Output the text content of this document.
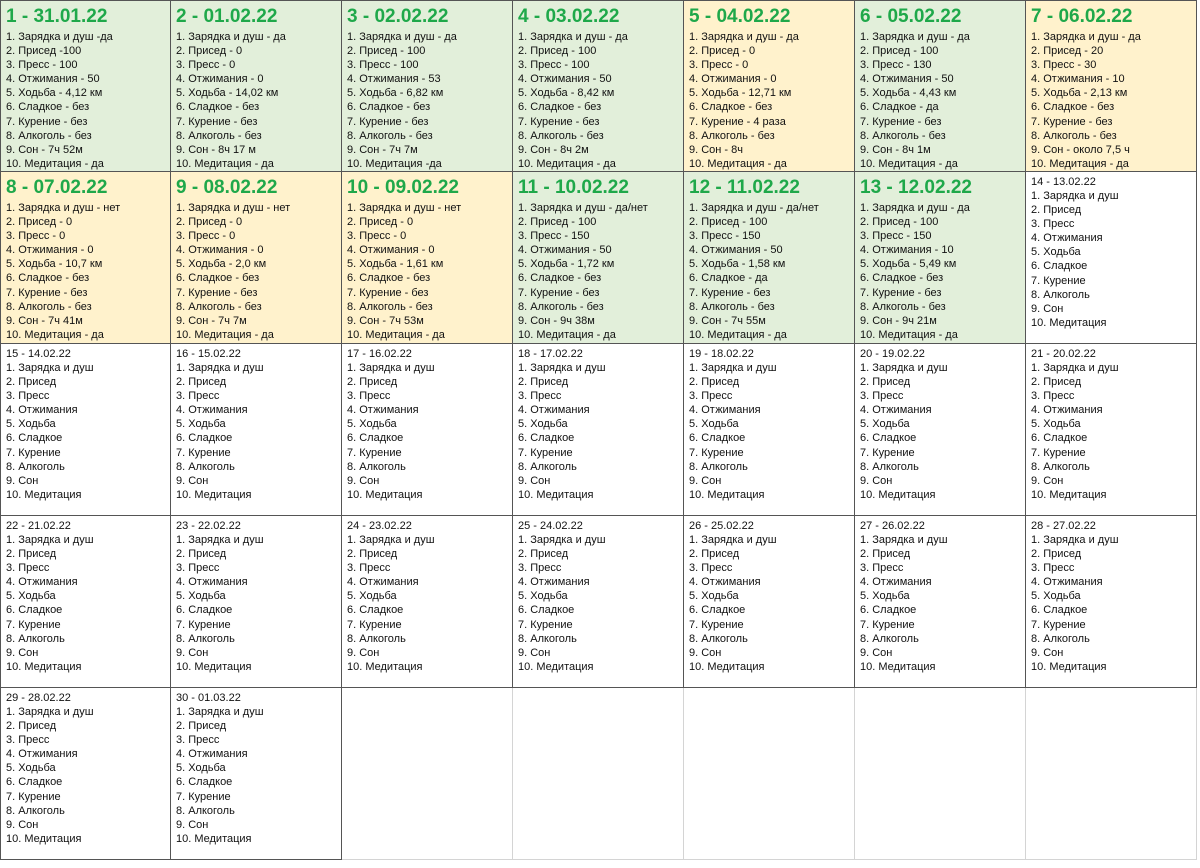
1 - 31.01.22
1. Зарядка и душ -да
2. Присед -100
3. Пресс - 100
4. Отжимания - 50
5. Ходьба - 4,12 км
6. Сладкое - без
7. Курение - без
8. Алкоголь - без
9. Сон - 7ч 52м
10. Медитация - да
2 - 01.02.22
1. Зарядка и душ - да
2. Присед - 0
3. Пресс - 0
4. Отжимания - 0
5. Ходьба - 14,02 км
6. Сладкое - без
7. Курение - без
8. Алкоголь - без
9. Сон - 8ч 17 м
10. Медитация - да
3 - 02.02.22
1. Зарядка и душ - да
2. Присед - 100
3. Пресс - 100
4. Отжимания - 53
5. Ходьба - 6,82 км
6. Сладкое - без
7. Курение - без
8. Алкоголь - без
9. Сон - 7ч 7м
10. Медитация -да
4 - 03.02.22
1. Зарядка и душ - да
2. Присед - 100
3. Пресс - 100
4. Отжимания - 50
5. Ходьба - 8,42 км
6. Сладкое - без
7. Курение - без
8. Алкоголь - без
9. Сон - 8ч 2м
10. Медитация - да
5 - 04.02.22
1. Зарядка и душ - да
2. Присед - 0
3. Пресс - 0
4. Отжимания - 0
5. Ходьба - 12,71 км
6. Сладкое - без
7. Курение - 4 раза
8. Алкоголь - без
9. Сон - 8ч
10. Медитация - да
6 - 05.02.22
1. Зарядка и душ - да
2. Присед - 100
3. Пресс - 130
4. Отжимания - 50
5. Ходьба - 4,43 км
6. Сладкое - да
7. Курение - без
8. Алкоголь - без
9. Сон - 8ч 1м
10. Медитация - да
7 - 06.02.22
1. Зарядка и душ - да
2. Присед - 20
3. Пресс - 30
4. Отжимания - 10
5. Ходьба - 2,13 км
6. Сладкое - без
7. Курение - без
8. Алкоголь - без
9. Сон - около 7,5 ч
10. Медитация - да
8 - 07.02.22
1. Зарядка и душ - нет
2. Присед - 0
3. Пресс - 0
4. Отжимания - 0
5. Ходьба - 10,7 км
6. Сладкое - без
7. Курение - без
8. Алкоголь - без
9. Сон - 7ч 41м
10. Медитация - да
9 - 08.02.22
1. Зарядка и душ - нет
2. Присед - 0
3. Пресс - 0
4. Отжимания - 0
5. Ходьба - 2,0 км
6. Сладкое - без
7. Курение - без
8. Алкоголь - без
9. Сон - 7ч 7м
10. Медитация - да
10 - 09.02.22
1. Зарядка и душ - нет
2. Присед - 0
3. Пресс - 0
4. Отжимания - 0
5. Ходьба - 1,61 км
6. Сладкое - без
7. Курение - без
8. Алкоголь - без
9. Сон - 7ч 53м
10. Медитация - да
11 - 10.02.22
1. Зарядка и душ - да/нет
2. Присед - 100
3. Пресс - 150
4. Отжимания - 50
5. Ходьба - 1,72 км
6. Сладкое - без
7. Курение - без
8. Алкоголь - без
9. Сон - 9ч 38м
10. Медитация - да
12 - 11.02.22
1. Зарядка и душ - да/нет
2. Присед - 100
3. Пресс - 150
4. Отжимания - 50
5. Ходьба - 1,58 км
6. Сладкое - да
7. Курение - без
8. Алкоголь - без
9. Сон - 7ч 55м
10. Медитация - да
13 - 12.02.22
1. Зарядка и душ - да
2. Присед - 100
3. Пресс - 150
4. Отжимания - 10
5. Ходьба - 5,49 км
6. Сладкое - без
7. Курение - без
8. Алкоголь - без
9. Сон - 9ч 21м
10. Медитация - да
14 - 13.02.22
1. Зарядка и душ
2. Присед
3. Пресс
4. Отжимания
5. Ходьба
6. Сладкое
7. Курение
8. Алкоголь
9. Сон
10. Медитация
15 - 14.02.22
1. Зарядка и душ
2. Присед
3. Пресс
4. Отжимания
5. Ходьба
6. Сладкое
7. Курение
8. Алкоголь
9. Сон
10. Медитация
16 - 15.02.22
1. Зарядка и душ
2. Присед
3. Пресс
4. Отжимания
5. Ходьба
6. Сладкое
7. Курение
8. Алкоголь
9. Сон
10. Медитация
17 - 16.02.22
1. Зарядка и душ
2. Присед
3. Пресс
4. Отжимания
5. Ходьба
6. Сладкое
7. Курение
8. Алкоголь
9. Сон
10. Медитация
18 - 17.02.22
1. Зарядка и душ
2. Присед
3. Пресс
4. Отжимания
5. Ходьба
6. Сладкое
7. Курение
8. Алкоголь
9. Сон
10. Медитация
19 - 18.02.22
1. Зарядка и душ
2. Присед
3. Пресс
4. Отжимания
5. Ходьба
6. Сладкое
7. Курение
8. Алкоголь
9. Сон
10. Медитация
20 - 19.02.22
1. Зарядка и душ
2. Присед
3. Пресс
4. Отжимания
5. Ходьба
6. Сладкое
7. Курение
8. Алкоголь
9. Сон
10. Медитация
21 - 20.02.22
1. Зарядка и душ
2. Присед
3. Пресс
4. Отжимания
5. Ходьба
6. Сладкое
7. Курение
8. Алкоголь
9. Сон
10. Медитация
22 - 21.02.22
1. Зарядка и душ
2. Присед
3. Пресс
4. Отжимания
5. Ходьба
6. Сладкое
7. Курение
8. Алкоголь
9. Сон
10. Медитация
23 - 22.02.22
1. Зарядка и душ
2. Присед
3. Пресс
4. Отжимания
5. Ходьба
6. Сладкое
7. Курение
8. Алкоголь
9. Сон
10. Медитация
24 - 23.02.22
1. Зарядка и душ
2. Присед
3. Пресс
4. Отжимания
5. Ходьба
6. Сладкое
7. Курение
8. Алкоголь
9. Сон
10. Медитация
25 - 24.02.22
1. Зарядка и душ
2. Присед
3. Пресс
4. Отжимания
5. Ходьба
6. Сладкое
7. Курение
8. Алкоголь
9. Сон
10. Медитация
26 - 25.02.22
1. Зарядка и душ
2. Присед
3. Пресс
4. Отжимания
5. Ходьба
6. Сладкое
7. Курение
8. Алкоголь
9. Сон
10. Медитация
27 - 26.02.22
1. Зарядка и душ
2. Присед
3. Пресс
4. Отжимания
5. Ходьба
6. Сладкое
7. Курение
8. Алкоголь
9. Сон
10. Медитация
28 - 27.02.22
1. Зарядка и душ
2. Присед
3. Пресс
4. Отжимания
5. Ходьба
6. Сладкое
7. Курение
8. Алкоголь
9. Сон
10. Медитация
29 - 28.02.22
1. Зарядка и душ
2. Присед
3. Пресс
4. Отжимания
5. Ходьба
6. Сладкое
7. Курение
8. Алкоголь
9. Сон
10. Медитация
30 - 01.03.22
1. Зарядка и душ
2. Присед
3. Пресс
4. Отжимания
5. Ходьба
6. Сладкое
7. Курение
8. Алкоголь
9. Сон
10. Медитация
